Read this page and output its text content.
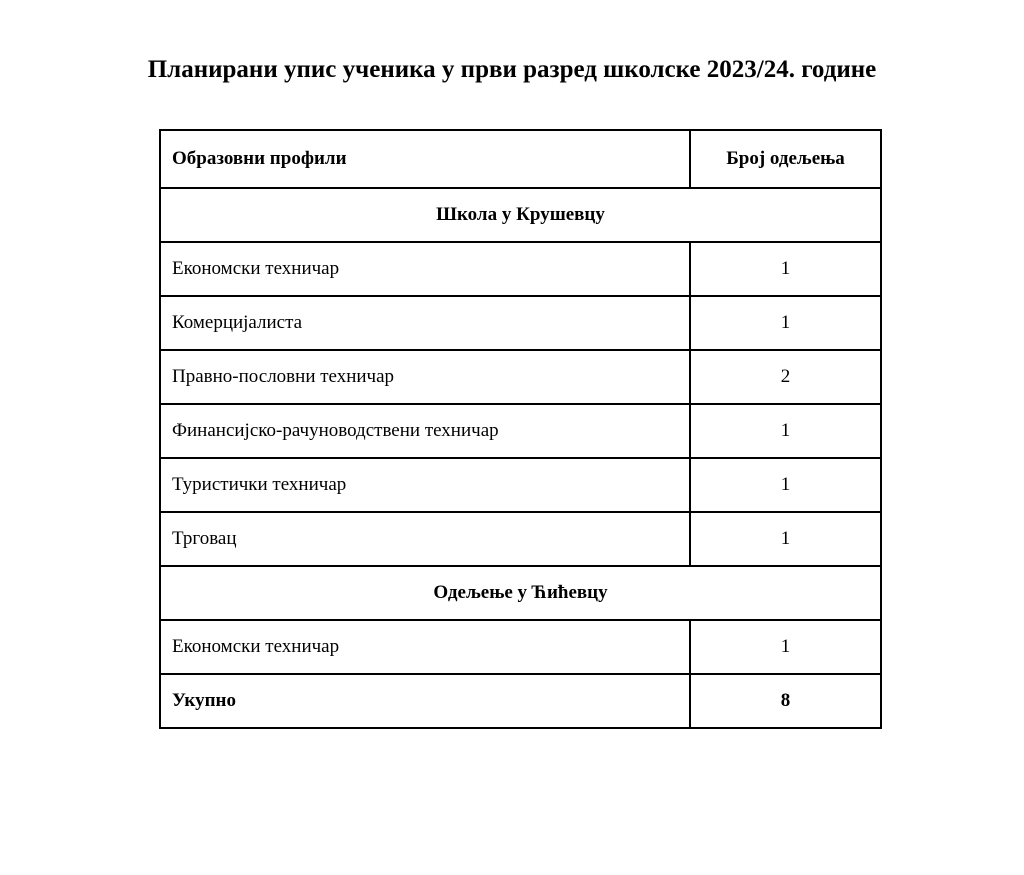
Планирани упис ученика у први разред школске 2023/24. године
Образовни профили	Број одељења
Школа у Крушевцу	
Економски техничар	1
Комерцијалиста	1
Правно-пословни техничар	2
Финансијско-рачуноводствени техничар	1
Туристички техничар	1
Трговац	1
Одељење у Ћићевцу	
Економски техничар	1
Укупно	8
